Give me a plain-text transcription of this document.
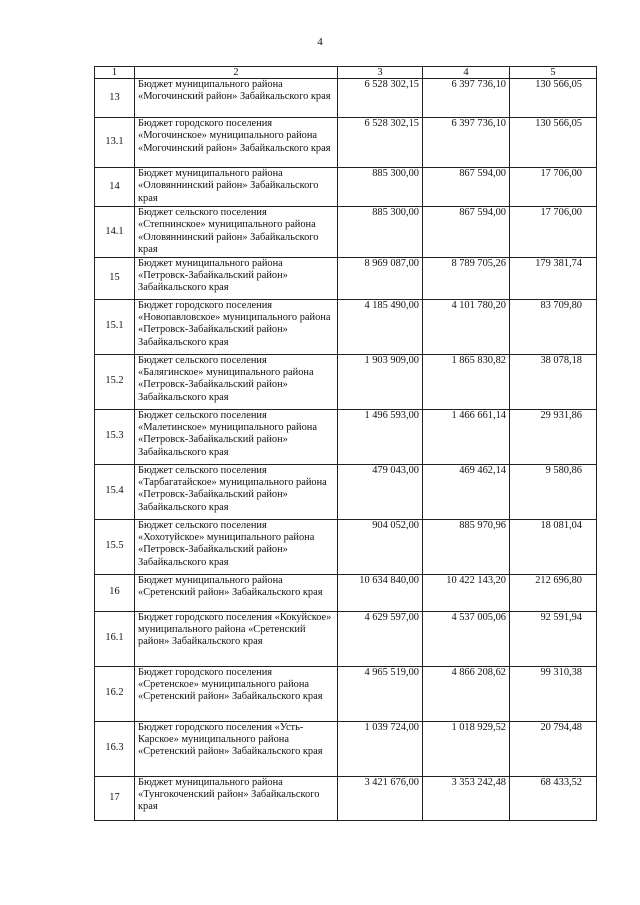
4
1	2	3	4	5
13	Бюджет муниципального района «Могочинский район» Забайкальского края	6 528 302,15	6 397 736,10	130 566,05
13.1	Бюджет городского поселения «Могочинское» муниципального района «Могочинский район» Забайкальского края	6 528 302,15	6 397 736,10	130 566,05
14	Бюджет муниципального района «Оловяннинский район» Забайкальского края	885 300,00	867 594,00	17 706,00
14.1	Бюджет сельского поселения «Степнинское» муниципального района «Оловяннинский район» Забайкальского края	885 300,00	867 594,00	17 706,00
15	Бюджет муниципального района «Петровск-Забайкальский район» Забайкальского края	8 969 087,00	8 789 705,26	179 381,74
15.1	Бюджет городского поселения «Новопавловское» муниципального района «Петровск-Забайкальский район» Забайкальского края	4 185 490,00	4 101 780,20	83 709,80
15.2	Бюджет сельского поселения «Балягинское» муниципального района «Петровск-Забайкальский район» Забайкальского края	1 903 909,00	1 865 830,82	38 078,18
15.3	Бюджет сельского поселения «Малетинское» муниципального района «Петровск-Забайкальский район» Забайкальского края	1 496 593,00	1 466 661,14	29 931,86
15.4	Бюджет сельского поселения «Тарбагатайское» муниципального района «Петровск-Забайкальский район» Забайкальского края	479 043,00	469 462,14	9 580,86
15.5	Бюджет сельского поселения «Хохотуйское» муниципального района «Петровск-Забайкальский район» Забайкальского края	904 052,00	885 970,96	18 081,04
16	Бюджет муниципального района «Сретенский район» Забайкальского края	10 634 840,00	10 422 143,20	212 696,80
16.1	Бюджет городского поселения «Кокуйское» муниципального района «Сретенский район» Забайкальского края	4 629 597,00	4 537 005,06	92 591,94
16.2	Бюджет городского поселения «Сретенское» муниципального района «Сретенский район» Забайкальского края	4 965 519,00	4 866 208,62	99 310,38
16.3	Бюджет городского поселения «Усть-Карское» муниципального района «Сретенский район» Забайкальского края	1 039 724,00	1 018 929,52	20 794,48
17	Бюджет муниципального района «Тунгокоченский район» Забайкальского края	3 421 676,00	3 353 242,48	68 433,52
